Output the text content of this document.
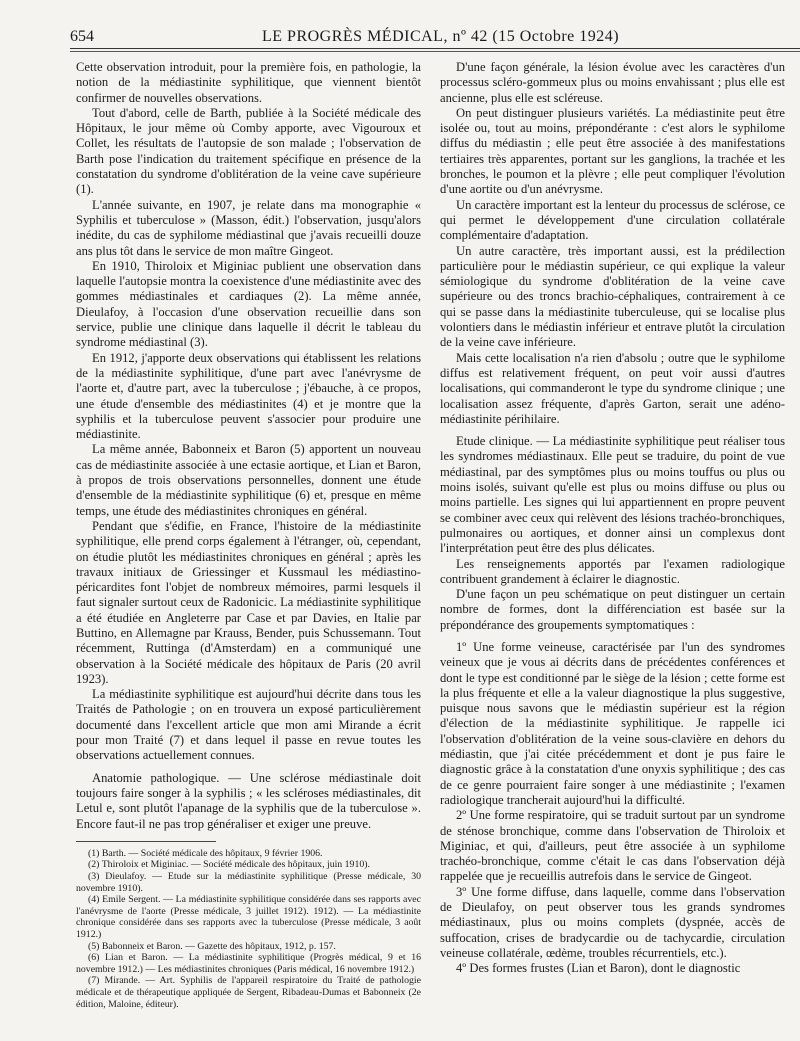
654	LE PROGRÈS MÉDICAL, nº 42 (15 Octobre 1924)

Cette observation introduit, pour la première fois, en pathologie, la notion de la médiastinite syphilitique, que viennent bientôt confirmer de nouvelles observations.

Tout d'abord, celle de Barth, publiée à la Société médicale des Hôpitaux, le jour même où Comby apporte, avec Vigouroux et Collet, les résultats de l'autopsie de son malade ; l'observation de Barth pose l'indication du traitement spécifique en présence de la constatation du syndrome d'oblitération de la veine cave supérieure (1).

L'année suivante, en 1907, je relate dans ma monographie « Syphilis et tuberculose » (Masson, édit.) l'observation, jusqu'alors inédite, du cas de syphilome médiastinal que j'avais recueilli douze ans plus tôt dans le service de mon maître Gingeot.

En 1910, Thiroloix et Miginiac publient une observation dans laquelle l'autopsie montra la coexistence d'une médiastinite avec des gommes médiastinales et cardiaques (2). La même année, Dieulafoy, à l'occasion d'une observation recueillie dans son service, publie une clinique dans laquelle il décrit le tableau du syndrome médiastinal (3).

En 1912, j'apporte deux observations qui établissent les relations de la médiastinite syphilitique, d'une part avec l'anévrysme de l'aorte et, d'autre part, avec la tuberculose ; j'ébauche, à ce propos, une étude d'ensemble des médiastinites (4) et je montre que la syphilis et la tuberculose peuvent s'associer pour produire une médiastinite.

La même année, Babonneix et Baron (5) apportent un nouveau cas de médiastinite associée à une ectasie aortique, et Lian et Baron, à propos de trois observations personnelles, donnent une étude d'ensemble de la médiastinite syphilitique (6) et, presque en même temps, une étude des médiastinites chroniques en général.

Pendant que s'édifie, en France, l'histoire de la médiastinite syphilitique, elle prend corps également à l'étranger, où, cependant, on étudie plutôt les médiastinites chroniques en général ; après les travaux initiaux de Griessinger et Kussmaul les médiastino-péricardites font l'objet de nombreux mémoires, parmi lesquels il faut signaler surtout ceux de Radonicic. La médiastinite syphilitique a été étudiée en Angleterre par Case et par Davies, en Italie par Buttino, en Allemagne par Krauss, Bender, puis Schussemann. Tout récemment, Ruttinga (d'Amsterdam) en a communiqué une observation à la Société médicale des hôpitaux de Paris (20 avril 1923).

La médiastinite syphilitique est aujourd'hui décrite dans tous les Traités de Pathologie ; on en trouvera un exposé particulièrement documenté dans l'excellent article que mon ami Mirande a écrit pour mon Traité (7) et dans lequel il passe en revue toutes les observations actuellement connues.

Anatomie pathologique. — Une sclérose médiastinale doit toujours faire songer à la syphilis ; « les scléroses médiastinales, dit Letul e, sont plutôt l'apanage de la syphilis que de la tuberculose ». Encore faut-il ne pas trop généraliser et exiger une preuve.

(1) Barth. — Société médicale des hôpitaux, 9 février 1906.

(2) Thiroloix et Miginiac. — Société médicale des hôpitaux, juin 1910).

(3) Dieulafoy. — Etude sur la médiastinite syphilitique (Presse médicale, 30 novembre 1910).

(4) Emile Sergent. — La médiastinite syphilitique considérée dans ses rapports avec l'anévrysme de l'aorte (Presse médicale, 3 juillet 1912). 1912). — La médiastinite chronique considérée dans ses rapports avec la tuberculose (Presse médicale, 3 août 1912.)

(5) Babonneix et Baron. — Gazette des hôpitaux, 1912, p. 157.

(6) Lian et Baron. — La médiastinite syphilitique (Progrès médical, 9 et 16 novembre 1912.) — Les médiastinites chroniques (Paris médical, 16 novembre 1912.)

(7) Mirande. — Art. Syphilis de l'appareil respiratoire du Traité de pathologie médicale et de thérapeutique appliquée de Sergent, Ribadeau-Dumas et Babonneix (2e édition, Maloine, éditeur).

D'une façon générale, la lésion évolue avec les caractères d'un processus scléro-gommeux plus ou moins envahissant ; plus elle est ancienne, plus elle est scléreuse.

On peut distinguer plusieurs variétés. La médiastinite peut être isolée ou, tout au moins, prépondérante : c'est alors le syphilome diffus du médiastin ; elle peut être associée à des manifestations tertiaires très apparentes, portant sur les ganglions, la trachée et les bronches, le poumon et la plèvre ; elle peut compliquer l'évolution d'une aortite ou d'un anévrysme.

Un caractère important est la lenteur du processus de sclérose, ce qui permet le développement d'une circulation collatérale complémentaire d'adaptation.

Un autre caractère, très important aussi, est la prédilection particulière pour le médiastin supérieur, ce qui explique la valeur sémiologique du syndrome d'oblitération de la veine cave supérieure ou des troncs brachio-céphaliques, contrairement à ce qui se passe dans la médiastinite tuberculeuse, qui se localise plus volontiers dans le médiastin inférieur et entrave plutôt la circulation de la veine cave inférieure.

Mais cette localisation n'a rien d'absolu ; outre que le syphilome diffus est relativement fréquent, on peut voir aussi d'autres localisations, qui commanderont le type du syndrome clinique ; une localisation assez fréquente, d'après Garton, serait une adéno-médiastinite périhilaire.

Etude clinique. — La médiastinite syphilitique peut réaliser tous les syndromes médiastinaux. Elle peut se traduire, du point de vue médiastinal, par des symptômes plus ou moins touffus ou plus ou moins isolés, suivant qu'elle est plus ou moins diffuse ou plus ou moins partielle. Les signes qui lui appartiennent en propre peuvent se combiner avec ceux qui relèvent des lésions trachéo-bronchiques, pulmonaires ou aortiques, et donner ainsi un complexus dont l'interprétation peut être des plus délicates.

Les renseignements apportés par l'examen radiologique contribuent grandement à éclairer le diagnostic.

D'une façon un peu schématique on peut distinguer un certain nombre de formes, dont la différenciation est basée sur la prépondérance des groupements symptomatiques :

1º Une forme veineuse, caractérisée par l'un des syndromes veineux que je vous ai décrits dans de précédentes conférences et dont le type est conditionné par le siège de la lésion ; cette forme est la plus fréquente et elle a la valeur diagnostique la plus suggestive, puisque nous savons que le médiastin supérieur est la région d'élection de la médiastinite syphilitique. Je rappelle ici l'observation d'oblitération de la veine sous-clavière en dehors du médiastin, que j'ai citée précédemment et dont je pus faire le diagnostic grâce à la constatation d'une onyxis syphilitique ; des cas de ce genre pourraient faire songer à une médiastinite ; l'examen radiologique trancherait aujourd'hui la difficulté.

2º Une forme respiratoire, qui se traduit surtout par un syndrome de sténose bronchique, comme dans l'observation de Thiroloix et Miginiac, et qui, d'ailleurs, peut être associée à un syphilome trachéo-bronchique, comme c'était le cas dans l'observation déjà rappelée que je recueillis autrefois dans le service de Gingeot.

3º Une forme diffuse, dans laquelle, comme dans l'observation de Dieulafoy, on peut observer tous les grands syndromes médiastinaux, plus ou moins complets (dyspnée, accès de suffocation, crises de bradycardie ou de tachycardie, circulation veineuse collatérale, œdème, troubles récurrentiels, etc.).

4º Des formes frustes (Lian et Baron), dont le diagnostic
